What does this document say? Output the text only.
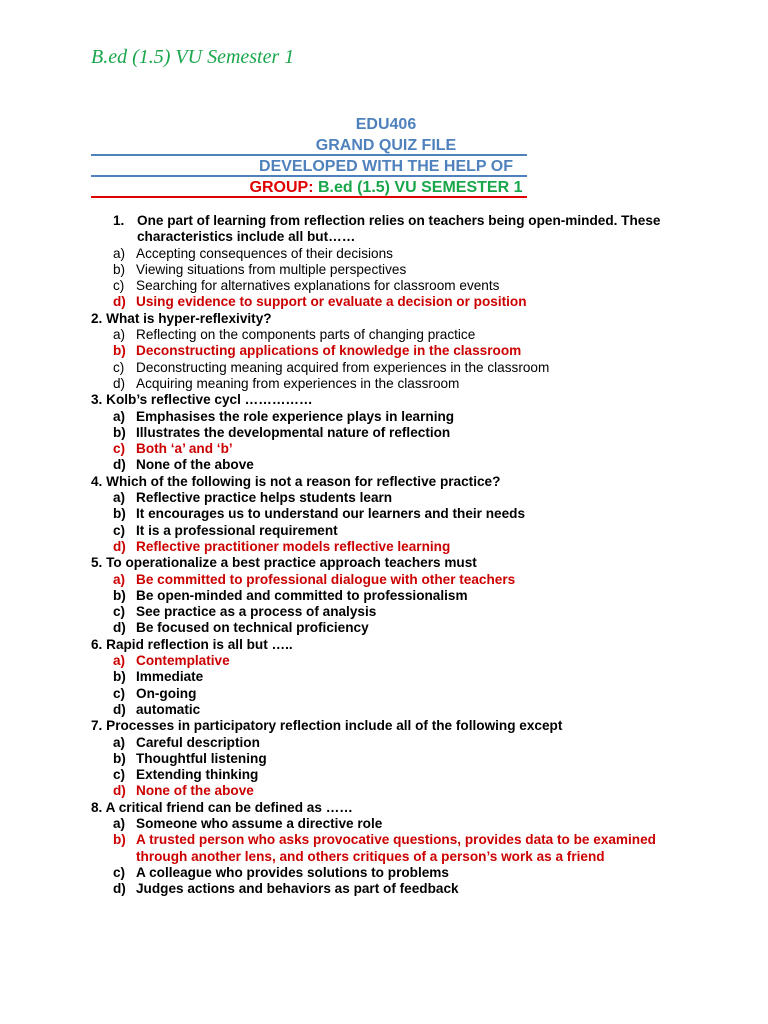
B.ed (1.5) VU Semester 1
EDU406
GRAND QUIZ FILE
DEVELOPED WITH THE HELP OF
GROUP: B.ed (1.5) VU SEMESTER 1
1. One part of learning from reflection relies on teachers being open-minded. These characteristics include all but……
a) Accepting consequences of their decisions
b) Viewing situations from multiple perspectives
c) Searching for alternatives explanations for classroom events
d) Using evidence to support or evaluate a decision or position
2. What is hyper-reflexivity?
a) Reflecting on the components parts of changing practice
b) Deconstructing applications of knowledge in the classroom
c) Deconstructing meaning acquired from experiences in the classroom
d) Acquiring meaning from experiences in the classroom
3. Kolb’s reflective cycl ……………
a) Emphasises the role experience plays in learning
b) Illustrates the developmental nature of reflection
c) Both ‘a’ and ‘b’
d) None of the above
4. Which of the following is not a reason for reflective practice?
a) Reflective practice helps students learn
b) It encourages us to understand our learners and their needs
c) It is a professional requirement
d) Reflective practitioner models reflective learning
5. To operationalize a best practice approach teachers must
a) Be committed to professional dialogue with other teachers
b) Be open-minded and committed to professionalism
c) See practice as a process of analysis
d) Be focused on technical proficiency
6. Rapid reflection is all but …..
a) Contemplative
b) Immediate
c) On-going
d) automatic
7. Processes in participatory reflection include all of the following except
a) Careful description
b) Thoughtful listening
c) Extending thinking
d) None of the above
8. A critical friend can be defined as ……
a) Someone who assume a directive role
b) A trusted person who asks provocative questions, provides data to be examined through another lens, and others critiques of a person’s work as a friend
c) A colleague who provides solutions to problems
d) Judges actions and behaviors as part of feedback
